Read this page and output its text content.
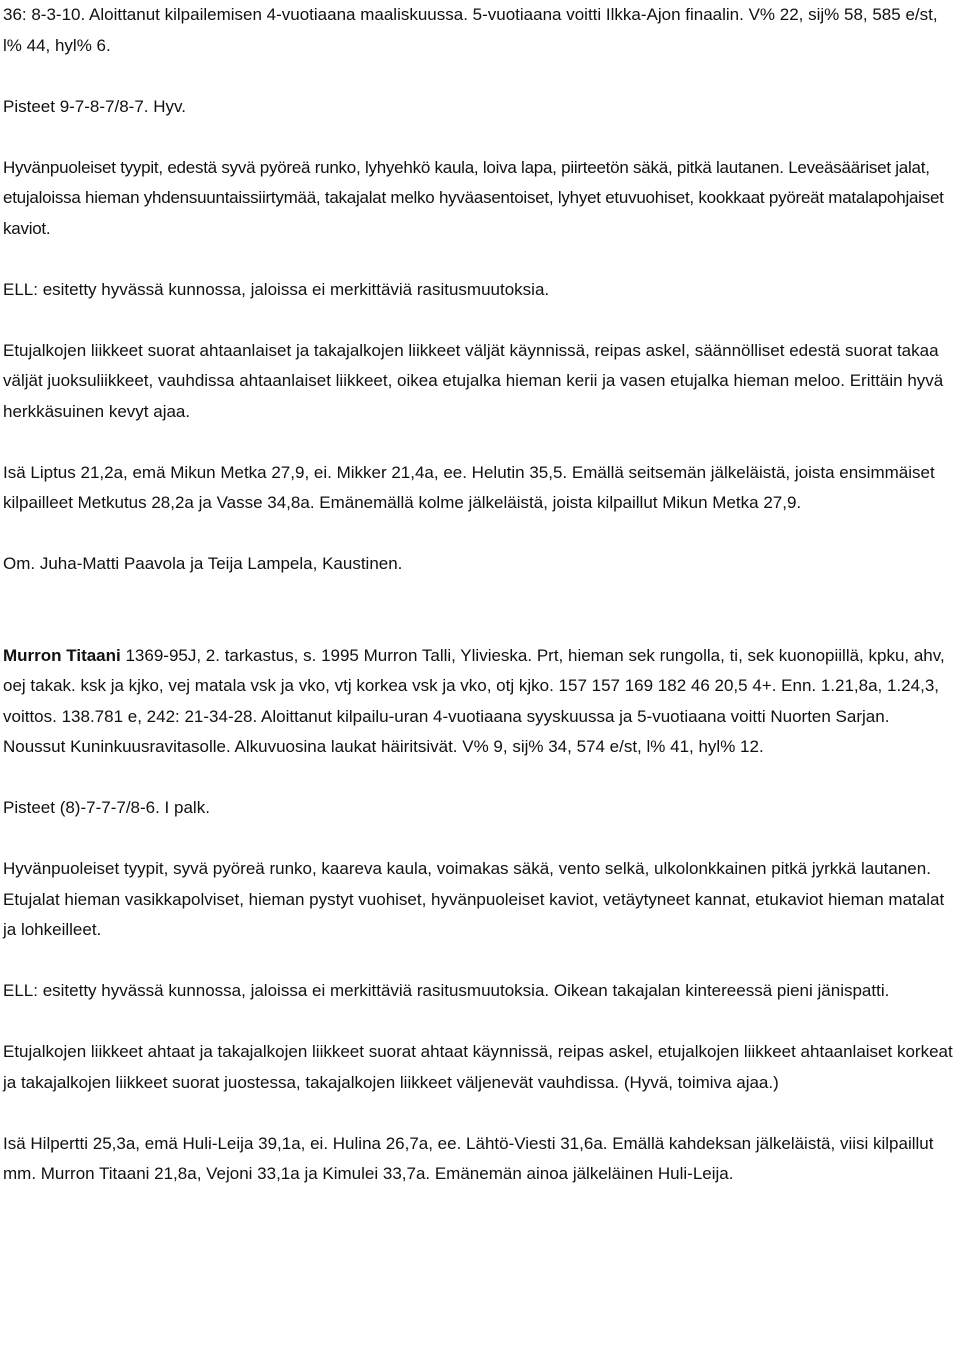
36: 8-3-10. Aloittanut kilpailemisen 4-vuotiaana maaliskuussa. 5-vuotiaana voitti Ilkka-Ajon finaalin. V% 22, sij% 58, 585 e/st, l% 44, hyl% 6.

Pisteet 9-7-8-7/8-7. Hyv.

Hyvänpuoleiset tyypit, edestä syvä pyöreä runko, lyhyehkö kaula, loiva lapa, piirteetön säkä, pitkä lautanen. Leveäsääriset jalat, etujaloissa hieman yhdensuuntaissiirtymää, takajalat melko hyväasentoiset, lyhyet etuvuohiset, kookkaat pyöreät matalapohjaiset kaviot.

ELL: esitetty hyvässä kunnossa, jaloissa ei merkittäviä rasitusmuutoksia.

Etujalkojen liikkeet suorat ahtaanlaiset ja takajalkojen liikkeet väljät käynnissä, reipas askel, säännölliset edestä suorat takaa väljät juoksuliikkeet, vauhdissa ahtaanlaiset liikkeet, oikea etujalka hieman kerii ja vasen etujalka hieman meloo. Erittäin hyvä herkkäsuinen kevyt ajaa.

Isä Liptus 21,2a, emä Mikun Metka 27,9, ei. Mikker 21,4a, ee. Helutin 35,5. Emällä seitsemän jälkeläistä, joista ensimmäiset kilpailleet Metkutus 28,2a ja Vasse 34,8a. Emänemällä kolme jälkeläistä, joista kilpaillut Mikun Metka 27,9.

Om. Juha-Matti Paavola ja Teija Lampela, Kaustinen.

Murron Titaani 1369-95J, 2. tarkastus, s. 1995 Murron Talli, Ylivieska. Prt, hieman sek rungolla, ti, sek kuonopiillä, kpku, ahv, oej takak. ksk ja kjko, vej matala vsk ja vko, vtj korkea vsk ja vko, otj kjko. 157 157 169 182 46 20,5 4+. Enn. 1.21,8a, 1.24,3, voittos. 138.781 e, 242: 21-34-28. Aloittanut kilpailu-uran 4-vuotiaana syyskuussa ja 5-vuotiaana voitti Nuorten Sarjan. Noussut Kuninkuusravitasolle. Alkuvuosina laukat häiritsivät. V% 9, sij% 34, 574 e/st, l% 41, hyl% 12.

Pisteet (8)-7-7-7/8-6. I palk.

Hyvänpuoleiset tyypit, syvä pyöreä runko, kaareva kaula, voimakas säkä, vento selkä, ulkolonkkainen pitkä jyrkkä lautanen. Etujalat hieman vasikkapolviset, hieman pystyt vuohiset, hyvänpuoleiset kaviot, vetäytyneet kannat, etukaviot hieman matalat ja lohkeilleet.

ELL: esitetty hyvässä kunnossa, jaloissa ei merkittäviä rasitusmuutoksia. Oikean takajalan kintereessä pieni jänispatti.

Etujalkojen liikkeet ahtaat ja takajalkojen liikkeet suorat ahtaat käynnissä, reipas askel, etujalkojen liikkeet ahtaanlaiset korkeat ja takajalkojen liikkeet suorat juostessa, takajalkojen liikkeet väljenevät vauhdissa. (Hyvä, toimiva ajaa.)

Isä Hilpertti 25,3a, emä Huli-Leija 39,1a, ei. Hulina 26,7a, ee. Lähtö-Viesti 31,6a. Emällä kahdeksan jälkeläistä, viisi kilpaillut mm. Murron Titaani 21,8a, Vejoni 33,1a ja Kimulei 33,7a. Emänemän ainoa jälkeläinen Huli-Leija.
